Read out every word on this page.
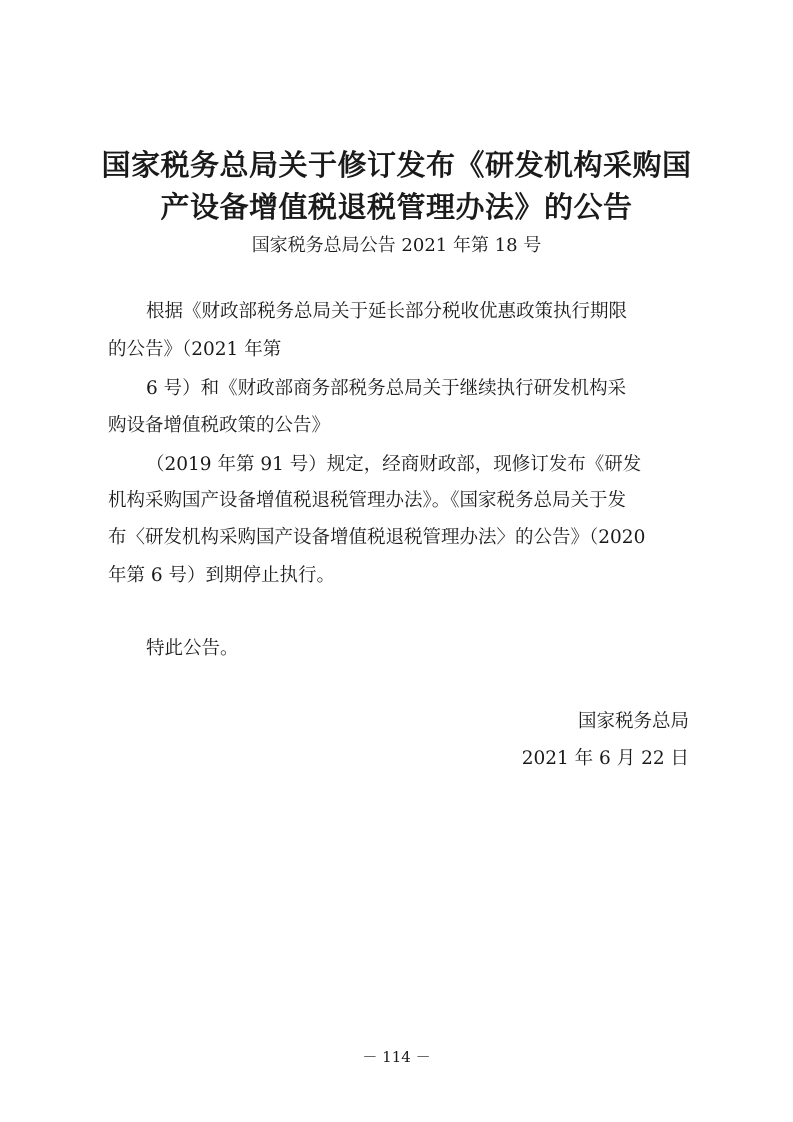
国家税务总局关于修订发布《研发机构采购国
产设备增值税退税管理办法》的公告
国家税务总局公告 2021 年第 18 号
根据《财政部税务总局关于延长部分税收优惠政策执行期限
的公告》（2021 年第
6 号）和《财政部商务部税务总局关于继续执行研发机构采
购设备增值税政策的公告》
（2019 年第 91 号）规定，经商财政部，现修订发布《研发
机构采购国产设备增值税退税管理办法》。《国家税务总局关于发
布〈研发机构采购国产设备增值税退税管理办法〉的公告》（2020
年第 6 号）到期停止执行。
特此公告。
国家税务总局
2021 年 6 月 22 日
－ 114 －
